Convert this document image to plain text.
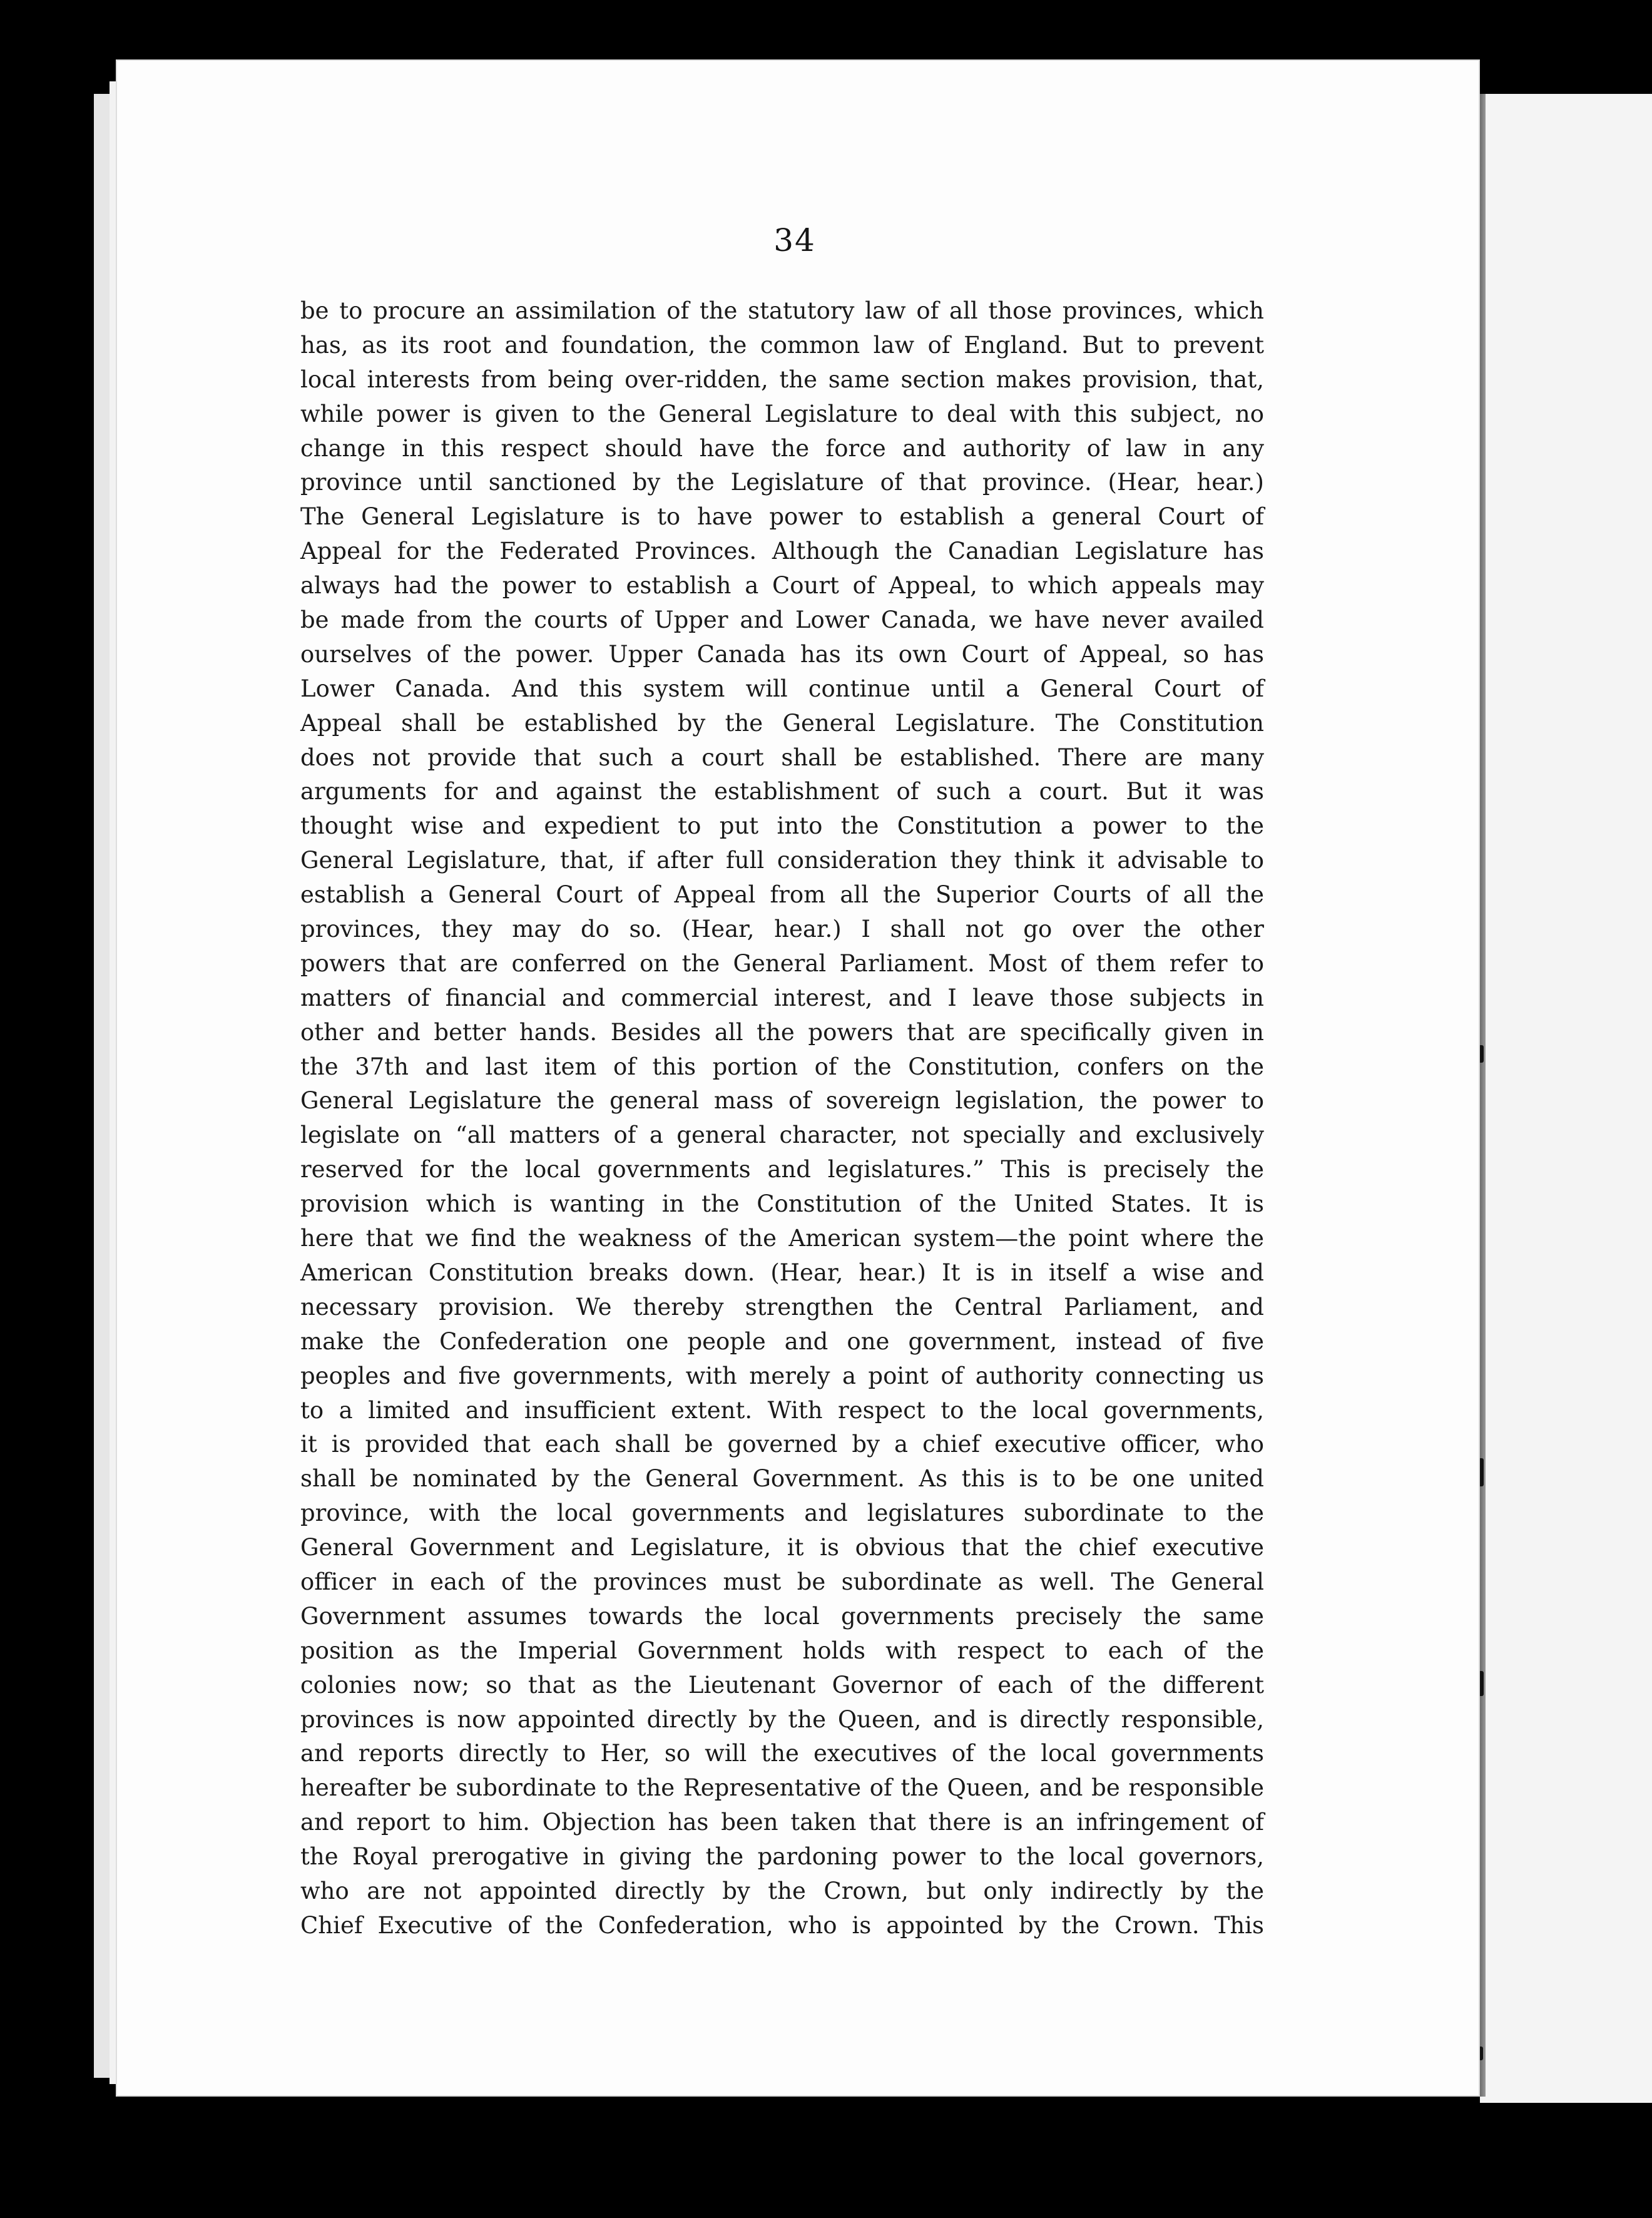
34
be to procure an assimilation of the statutory law of all those provinces, which
has, as its root and foundation, the common law of England. But to prevent
local interests from being over-ridden, the same section makes provision, that,
while power is given to the General Legislature to deal with this subject, no
change in this respect should have the force and authority of law in any
province until sanctioned by the Legislature of that province. (Hear, hear.)
The General Legislature is to have power to establish a general Court of
Appeal for the Federated Provinces. Although the Canadian Legislature has
always had the power to establish a Court of Appeal, to which appeals may
be made from the courts of Upper and Lower Canada, we have never availed
ourselves of the power. Upper Canada has its own Court of Appeal, so has
Lower Canada. And this system will continue until a General Court of
Appeal shall be established by the General Legislature. The Constitution
does not provide that such a court shall be established. There are many
arguments for and against the establishment of such a court. But it was
thought wise and expedient to put into the Constitution a power to the
General Legislature, that, if after full consideration they think it advisable to
establish a General Court of Appeal from all the Superior Courts of all the
provinces, they may do so. (Hear, hear.) I shall not go over the other
powers that are conferred on the General Parliament. Most of them refer to
matters of financial and commercial interest, and I leave those subjects in
other and better hands. Besides all the powers that are specifically given in
the 37th and last item of this portion of the Constitution, confers on the
General Legislature the general mass of sovereign legislation, the power to
legislate on “all matters of a general character, not specially and exclusively
reserved for the local governments and legislatures.” This is precisely the
provision which is wanting in the Constitution of the United States. It is
here that we find the weakness of the American system—the point where the
American Constitution breaks down. (Hear, hear.) It is in itself a wise and
necessary provision. We thereby strengthen the Central Parliament, and
make the Confederation one people and one government, instead of five
peoples and five governments, with merely a point of authority connecting us
to a limited and insufficient extent. With respect to the local governments,
it is provided that each shall be governed by a chief executive officer, who
shall be nominated by the General Government. As this is to be one united
province, with the local governments and legislatures subordinate to the
General Government and Legislature, it is obvious that the chief executive
officer in each of the provinces must be subordinate as well. The General
Government assumes towards the local governments precisely the same
position as the Imperial Government holds with respect to each of the
colonies now; so that as the Lieutenant Governor of each of the different
provinces is now appointed directly by the Queen, and is directly responsible,
and reports directly to Her, so will the executives of the local governments
hereafter be subordinate to the Representative of the Queen, and be responsible
and report to him. Objection has been taken that there is an infringement of
the Royal prerogative in giving the pardoning power to the local governors,
who are not appointed directly by the Crown, but only indirectly by the
Chief Executive of the Confederation, who is appointed by the Crown. This
